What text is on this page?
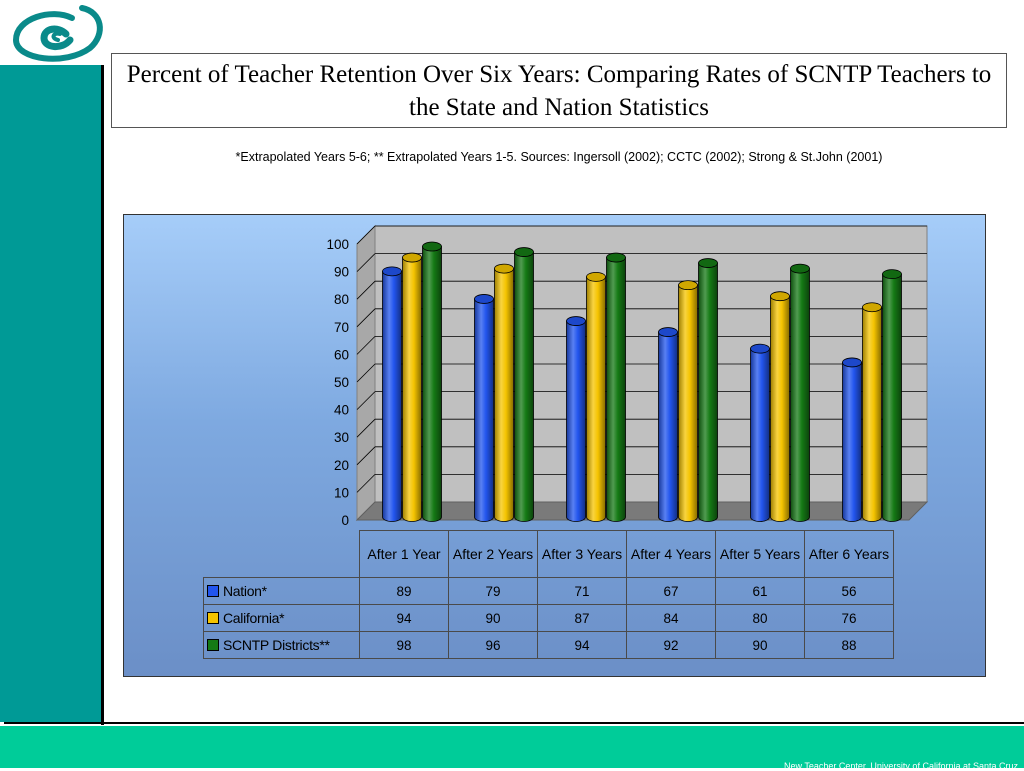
New Teacher Center, University of California at Santa Cruz
Percent of Teacher Retention Over Six Years: Comparing Rates of SCNTP Teachers to the State and Nation Statistics
*Extrapolated Years 5-6; ** Extrapolated Years 1-5. Sources: Ingersoll (2002); CCTC (2002); Strong & St.John (2001)
0
10
20
30
40
50
60
70
80
90
100
	After 1 Year	After 2 Years	After 3 Years	After 4 Years	After 5 Years	After 6 Years
Nation*	89	79	71	67	61	56
California*	94	90	87	84	80	76
SCNTP Districts**	98	96	94	92	90	88
